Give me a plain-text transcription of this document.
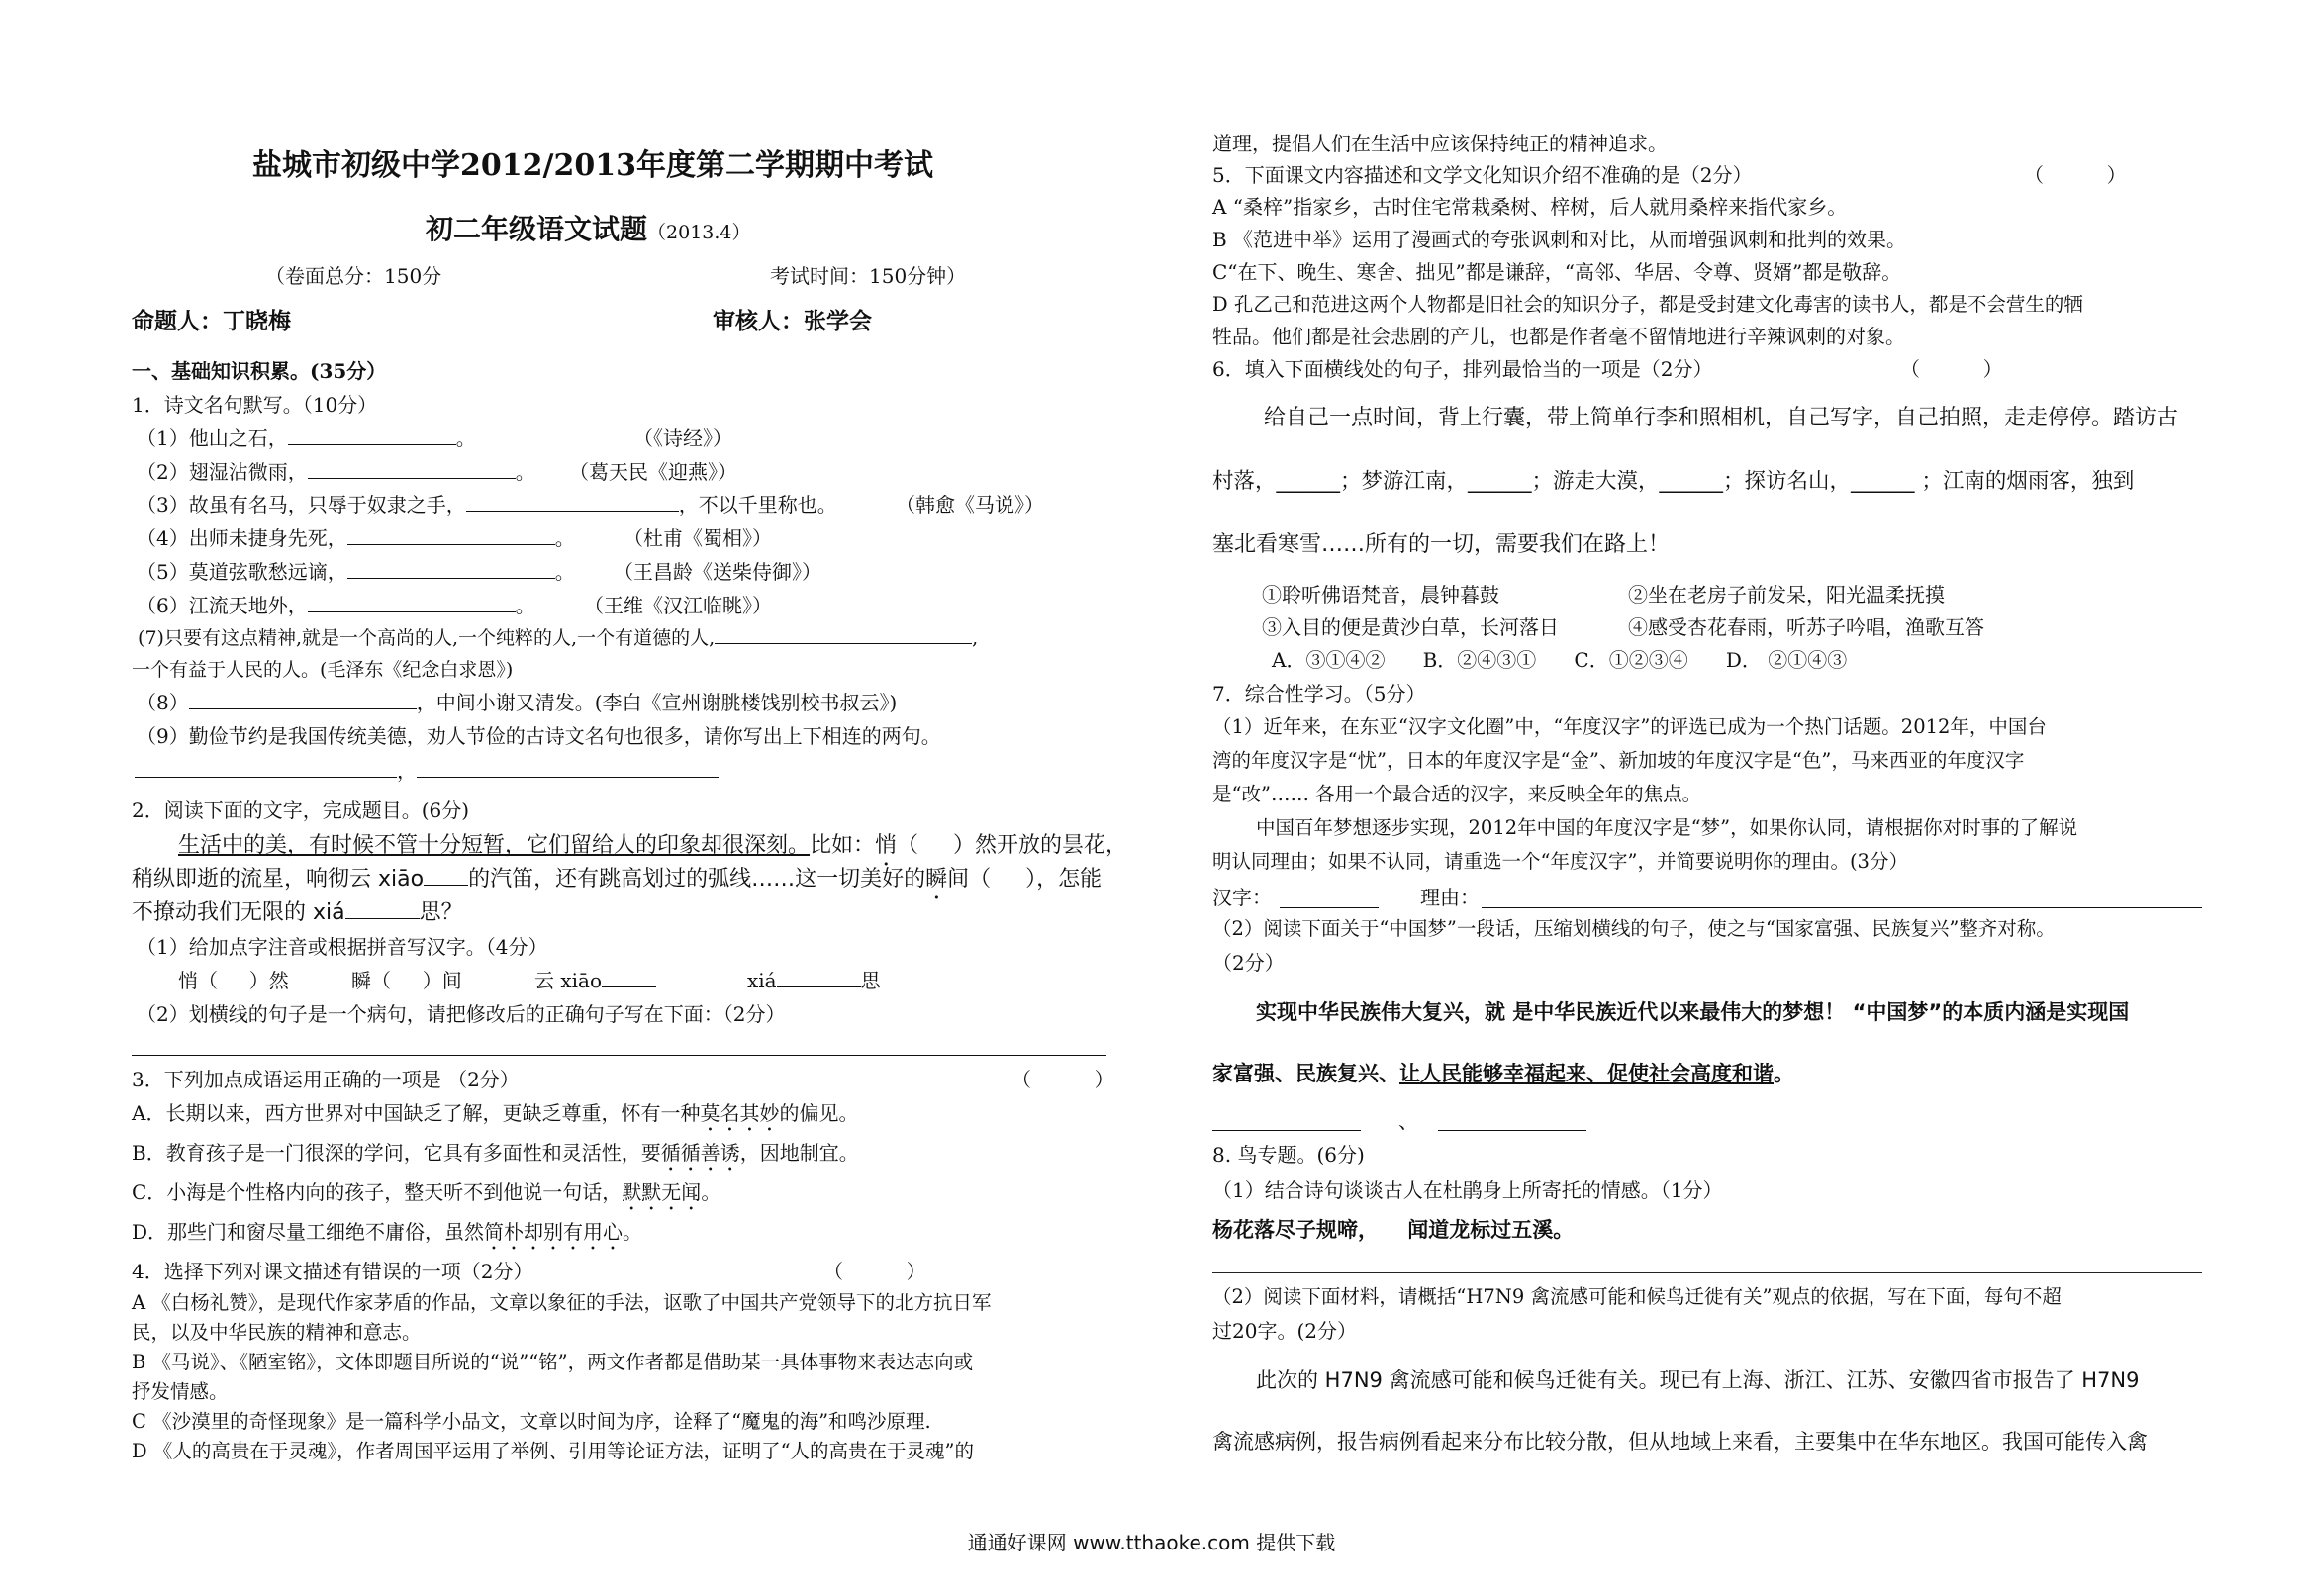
盐城市初级中学2012/2013年度第二学期期中考试
初二年级语文试题（2013.4）
（卷面总分：150分	考试时间：150分钟）
命题人：丁晓梅	审核人：张学会
一、基础知识积累。(35分）
1．诗文名句默写。（10分）
（1）他山之石，	。	（《诗经》）
（2）翅湿沾微雨，	。 （葛天民《迎燕》）
（3）故虽有名马，只辱于奴隶之手，	，不以千里称也。	（韩愈《马说》）
（4）出师未捷身先死，	。 （杜甫《蜀相》）
（5）莫道弦歌愁远谪，	。 （王昌龄《送柴侍御》）
（6）江流天地外，	。 （王维《汉江临眺》）
(7)只要有这点精神,就是一个高尚的人,一个纯粹的人,一个有道德的人,	,
一个有益于人民的人。(毛泽东《纪念白求恩》)
（8）	，中间小谢又清发。(李白《宣州谢朓楼饯别校书叔云》)
（9）勤俭节约是我国传统美德，劝人节俭的古诗文名句也很多，请你写出上下相连的两句。
，
2．阅读下面的文字，完成题目。(6分)
生活中的美，有时候不管十分短暂，它们留给人的印象却很深刻。比如：悄（     ）然开放的昙花，
稍纵即逝的流星，响彻云 xiāo 的汽笛，还有跳高划过的弧线……这一切美好的瞬间（     ），怎能
不撩动我们无限的 xiá	思？
（1）给加点字注音或根据拼音写汉字。（4分）
悄（     ）然	瞬（     ）间	云 xiāo	xiá	思
（2）划横线的句子是一个病句，请把修改后的正确句子写在下面：（2分）
3．下列加点成语运用正确的一项是 （2分）	（          ）
A．长期以来，西方世界对中国缺乏了解，更缺乏尊重，怀有一种莫名其妙的偏见。
B．教育孩子是一门很深的学问，它具有多面性和灵活性，要循循善诱，因地制宜。
C．小海是个性格内向的孩子，整天听不到他说一句话，默默无闻。
D．那些门和窗尽量工细绝不庸俗，虽然简朴却别有用心。
4．选择下列对课文描述有错误的一项（2分）	（          ）
A 《白杨礼赞》，是现代作家茅盾的作品，文章以象征的手法，讴歌了中国共产党领导下的北方抗日军
民，以及中华民族的精神和意志。
B 《马说》、《陋室铭》，文体即题目所说的“说”“铭”，两文作者都是借助某一具体事物来表达志向或
抒发情感。
C 《沙漠里的奇怪现象》是一篇科学小品文，文章以时间为序，诠释了“魔鬼的海”和鸣沙原理.
D 《人的高贵在于灵魂》，作者周国平运用了举例、引用等论证方法，证明了“人的高贵在于灵魂”的
道理，提倡人们在生活中应该保持纯正的精神追求。
5．下面课文内容描述和文学文化知识介绍不准确的是（2分）	（          ）
A “桑梓”指家乡，古时住宅常栽桑树、梓树，后人就用桑梓来指代家乡。
B 《范进中举》运用了漫画式的夸张讽刺和对比，从而增强讽刺和批判的效果。
C“在下、晚生、寒舍、拙见”都是谦辞，“高邻、华居、令尊、贤婿”都是敬辞。
D 孔乙己和范进这两个人物都是旧社会的知识分子，都是受封建文化毒害的读书人，都是不会营生的牺
牲品。他们都是社会悲剧的产儿，也都是作者毫不留情地进行辛辣讽刺的对象。
6．填入下面横线处的句子，排列最恰当的一项是（2分）	（          ）
给自己一点时间，背上行囊，带上简单行李和照相机，自己写字，自己拍照，走走停停。踏访古
村落，______；梦游江南，______；游走大漠，______；探访名山，______ ；江南的烟雨客，独到
塞北看寒雪……所有的一切，需要我们在路上！
①聆听佛语梵音，晨钟暮鼓	②坐在老房子前发呆，阳光温柔抚摸
③入目的便是黄沙白草，长河落日	④感受杏花春雨，听苏子吟唱，渔歌互答
A．③①④②      B．②④③①      C．①②③④      D． ②①④③
7．综合性学习。（5分）
（1）近年来，在东亚“汉字文化圈”中，“年度汉字”的评选已成为一个热门话题。2012年，中国台
湾的年度汉字是“忧”，日本的年度汉字是“金”、新加坡的年度汉字是“色”，马来西亚的年度汉字
是“改”…… 各用一个最合适的汉字，来反映全年的焦点。
中国百年梦想逐步实现，2012年中国的年度汉字是“梦”，如果你认同，请根据你对时事的了解说
明认同理由；如果不认同，请重选一个“年度汉字”，并简要说明你的理由。(3分）
汉字：	理由：
（2）阅读下面关于“中国梦”一段话，压缩划横线的句子，使之与“国家富强、民族复兴”整齐对称。
（2分）
实现中华民族伟大复兴，就 是中华民族近代以来最伟大的梦想！ “中国梦”的本质内涵是实现国
家富强、民族复兴、让人民能够幸福起来、促使社会高度和谐。
、
8. 鸟专题。(6分)
（1）结合诗句谈谈古人在杜鹃身上所寄托的情感。（1分）
杨花落尽子规啼，    闻道龙标过五溪。
（2）阅读下面材料，请概括“H7N9 禽流感可能和候鸟迁徙有关”观点的依据，写在下面，每句不超
过20字。(2分）
此次的 H7N9 禽流感可能和候鸟迁徙有关。现已有上海、浙江、江苏、安徽四省市报告了 H7N9
禽流感病例，报告病例看起来分布比较分散，但从地域上来看，主要集中在华东地区。我国可能传入禽
通通好课网 www.tthaoke.com 提供下载
